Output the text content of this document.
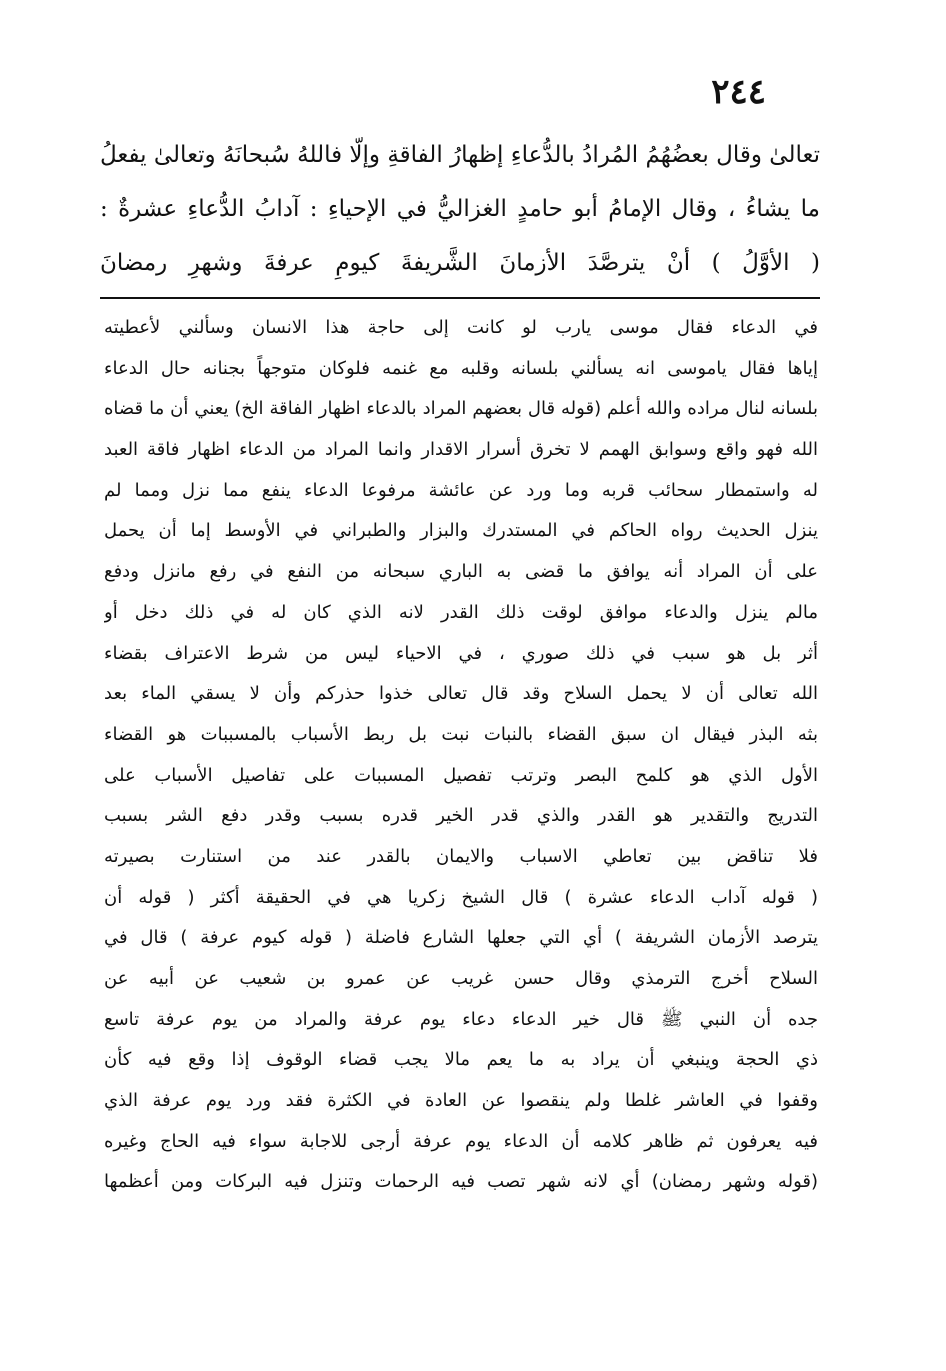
٢٤٤
تعالىٰ وقال بعضُهُمُ المُرادُ بالدُّعاءِ إظهارُ الفاقةِ وإلّا فاللهُ سُبحانَهُ وتعالىٰ يفعلُ
ما يشاءُ ، وقال الإمامُ أبو حامدٍ الغزاليُّ في الإحياءِ : آدابُ الدُّعاءِ عشرةٌ :
( الأوَّلُ ) أنْ يترصَّدَ الأزمانَ الشَّريفةَ كيومِ عرفةَ وشهرِ رمضانَ
في الدعاء فقال موسى يارب لو كانت إلى حاجة هذا الانسان وسألني لأعطيته
إياها فقال ياموسى انه يسألني بلسانه وقلبه مع غنمه فلوكان متوجهاً بجنانه حال الدعاء
بلسانه لنال مراده والله أعلم (قوله قال بعضهم المراد بالدعاء اظهار الفاقة الخ) يعني أن ما قضاه
الله فهو واقع وسوابق الهمم لا تخرق أسرار الاقدار وانما المراد من الدعاء اظهار فاقة العبد
له واستمطار سحائب قربه وما ورد عن عائشة مرفوعا الدعاء ينفع مما نزل ومما لم
ينزل الحديث رواه الحاكم في المستدرك والبزار والطبراني في الأوسط إما أن يحمل
على أن المراد أنه يوافق ما قضى به الباري سبحانه من النفع في رفع مانزل ودفع
مالم ينزل والدعاء موافق لوقت ذلك القدر لانه الذي كان له في ذلك دخل أو
أثر بل هو سبب في ذلك صوري ، في الاحياء ليس من شرط الاعتراف بقضاء
الله تعالى أن لا يحمل السلاح وقد قال تعالى خذوا حذركم وأن لا يسقي الماء بعد
بثه البذر فيقال ان سبق القضاء بالنبات نبت بل ربط الأسباب بالمسببات هو القضاء
الأول الذي هو كلمح البصر وترتب تفصيل المسببات على تفاصيل الأسباب على
التدريج والتقدير هو القدر والذي قدر الخير قدره بسبب وقدر دفع الشر بسبب
فلا تناقض بين تعاطي الاسباب والايمان بالقدر عند من استنارت بصيرته
( قوله آداب الدعاء عشرة ) قال الشيخ زكريا هي في الحقيقة أكثر ( قوله أن
يترصد الأزمان الشريفة ) أي التي جعلها الشارع فاضلة ( قوله كيوم عرفة ) قال في
السلاح أخرج الترمذي وقال حسن غريب عن عمرو بن شعيب عن أبيه عن
جده أن النبي ﷺ قال خير الدعاء دعاء يوم عرفة والمراد من يوم عرفة تاسع
ذي الحجة وينبغي أن يراد به ما يعم مالا يجب قضاء الوقوف إذا وقع فيه كأن
وقفوا في العاشر غلطا ولم ينقصوا عن العادة في الكثرة فقد ورد يوم عرفة الذي
فيه يعرفون ثم ظاهر كلامه أن الدعاء يوم عرفة أرجى للاجابة سواء فيه الحاج وغيره
(قوله وشهر رمضان) أي لانه شهر تصب فيه الرحمات وتنزل فيه البركات ومن أعظمها
